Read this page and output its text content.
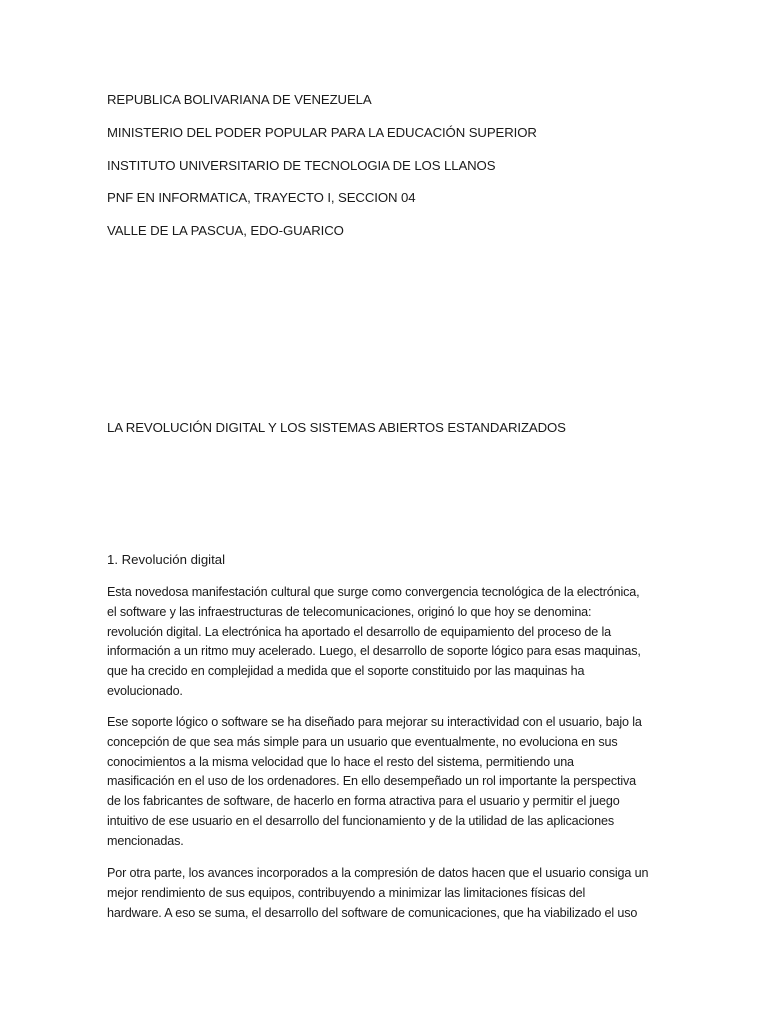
REPUBLICA BOLIVARIANA DE VENEZUELA
MINISTERIO DEL PODER POPULAR PARA LA EDUCACIÓN SUPERIOR
INSTITUTO UNIVERSITARIO DE TECNOLOGIA DE LOS LLANOS
PNF EN INFORMATICA, TRAYECTO I, SECCION 04
VALLE DE LA PASCUA, EDO-GUARICO
LA REVOLUCIÓN DIGITAL Y LOS SISTEMAS ABIERTOS ESTANDARIZADOS
1. Revolución digital
Esta novedosa manifestación cultural que surge como convergencia tecnológica de la electrónica,
el software y las infraestructuras de telecomunicaciones, originó lo que hoy se denomina:
revolución digital. La electrónica ha aportado el desarrollo de equipamiento del proceso de la
información a un ritmo muy acelerado. Luego, el desarrollo de soporte lógico para esas maquinas,
que ha crecido en complejidad a medida que el soporte constituido por las maquinas ha
evolucionado.
Ese soporte lógico o software se ha diseñado para mejorar su interactividad con el usuario, bajo la
concepción de que sea más simple para un usuario que eventualmente, no evoluciona en sus
conocimientos a la misma velocidad que lo hace el resto del sistema, permitiendo una
masificación en el uso de los ordenadores. En ello desempeñado un rol importante la perspectiva
de los fabricantes de software, de hacerlo en forma atractiva para el usuario y permitir el juego
intuitivo de ese usuario en el desarrollo del funcionamiento y de la utilidad de las aplicaciones
mencionadas.
Por otra parte, los avances incorporados a la compresión de datos hacen que el usuario consiga un
mejor rendimiento de sus equipos, contribuyendo a minimizar las limitaciones físicas del
hardware. A eso se suma, el desarrollo del software de comunicaciones, que ha viabilizado el uso
